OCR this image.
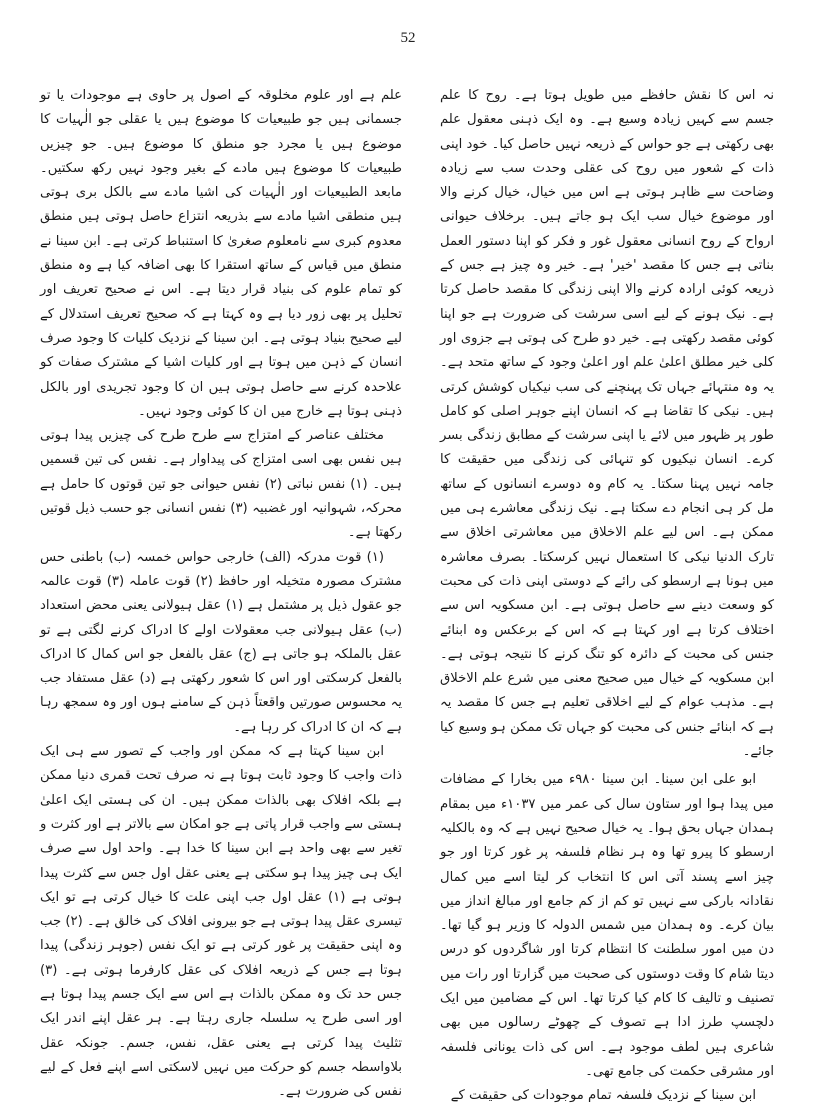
52

نہ اس کا نقش حافظے میں طویل ہوتا ہے۔ روح کا علم جسم سے کہیں زیادہ وسیع ہے۔ وہ ایک ذہنی معقول علم بھی رکھتی ہے جو حواس کے ذریعہ نہیں حاصل کیا۔ خود اپنی ذات کے شعور میں روح کی عقلی وحدت سب سے زیادہ وضاحت سے ظاہر ہوتی ہے اس میں خیال، خیال کرنے والا اور موضوع خیال سب ایک ہو جاتے ہیں۔ برخلاف حیوانی ارواح کے روح انسانی معقول غور و فکر کو اپنا دستور العمل بناتی ہے جس کا مقصد 'خیر' ہے۔ خیر وہ چیز ہے جس کے ذریعہ کوئی ارادہ کرنے والا اپنی زندگی کا مقصد حاصل کرتا ہے۔ نیک ہونے کے لیے اسی سرشت کی ضرورت ہے جو اپنا کوئی مقصد رکھتی ہے۔ خیر دو طرح کی ہوتی ہے جزوی اور کلی خیر مطلق اعلیٰ علم اور اعلیٰ وجود کے ساتھ متحد ہے۔ یہ وہ منتہائے جہاں تک پہنچنے کی سب نیکیاں کوشش کرتی ہیں۔ نیکی کا تقاضا ہے کہ انسان اپنے جوہر اصلی کو کامل طور پر ظہور میں لائے یا اپنی سرشت کے مطابق زندگی بسر کرے۔ انسان نیکیوں کو تنہائی کی زندگی میں حقیقت کا جامہ نہیں پہنا سکتا۔ یہ کام وہ دوسرے انسانوں کے ساتھ مل کر ہی انجام دے سکتا ہے۔ نیک زندگی معاشرے ہی میں ممکن ہے۔ اس لیے علم الاخلاق میں معاشرتی اخلاق سے تارک الدنیا نیکی کا استعمال نہیں کرسکتا۔ بصرف معاشرہ میں ہونا ہے ارسطو کی رائے کے دوستی اپنی ذات کی محبت کو وسعت دینے سے حاصل ہوتی ہے۔ ابن مسکویہ اس سے اختلاف کرتا ہے اور کہتا ہے کہ اس کے برعکس وہ ابنائے جنس کی محبت کے دائرہ کو تنگ کرنے کا نتیجہ ہوتی ہے۔ ابن مسکویہ کے خیال میں صحیح معنی میں شرع علم الاخلاق ہے۔ مذہب عوام کے لیے اخلاقی تعلیم ہے جس کا مقصد یہ ہے کہ ابنائے جنس کی محبت کو جہاں تک ممکن ہو وسیع کیا جائے۔

ابو علی ابن سینا۔ ابن سینا ۹۸۰ء میں بخارا کے مضافات میں پیدا ہوا اور ستاون سال کی عمر میں ۱۰۳۷ء میں بمقام ہمدان جہاں بحق ہوا۔ یہ خیال صحیح نہیں ہے کہ وہ بالکلیہ ارسطو کا پیرو تھا وہ ہر نظام فلسفہ پر غور کرتا اور جو چیز اسے پسند آتی اس کا انتخاب کر لیتا اسے میں کمال نقادانہ بارکی سے نہیں تو کم از کم جامع اور مبالغ انداز میں بیان کرے۔ وہ ہمدان میں شمس الدولہ کا وزیر ہو گیا تھا۔ دن میں امور سلطنت کا انتظام کرتا اور شاگردوں کو درس دیتا شام کا وقت دوستوں کی صحبت میں گزارتا اور رات میں تصنیف و تالیف کا کام کیا کرتا تھا۔ اس کے مضامین میں ایک دلچسپ طرز ادا ہے تصوف کے چھوٹے رسالوں میں بھی شاعری ہیں لطف موجود ہے۔ اس کی ذات یونانی فلسفہ اور مشرقی حکمت کی جامع تھی۔

ابن سینا کے نزدیک فلسفہ تمام موجودات کی حقیقت کے

علم ہے اور علوم مخلوقہ کے اصول پر حاوی ہے موجودات یا تو جسمانی ہیں جو طبیعیات کا موضوع ہیں یا عقلی جو الٰہیات کا موضوع ہیں یا مجرد جو منطق کا موضوع ہیں۔ جو چیزیں طبیعیات کا موضوع ہیں مادے کے بغیر وجود نہیں رکھ سکتیں۔ مابعد الطبیعیات اور الٰہیات کی اشیا مادے سے بالکل بری ہوتی ہیں منطقی اشیا مادے سے بذریعہ انتزاع حاصل ہوتی ہیں منطق معدوم کبری سے نامعلوم صغریٰ کا استنباط کرتی ہے۔ ابن سینا نے منطق میں قیاس کے ساتھ استقرا کا بھی اضافہ کیا ہے وہ منطق کو تمام علوم کی بنیاد قرار دیتا ہے۔ اس نے صحیح تعریف اور تحلیل پر بھی زور دیا ہے وہ کہتا ہے کہ صحیح تعریف استدلال کے لیے صحیح بنیاد ہوتی ہے۔ ابن سینا کے نزدیک کلیات کا وجود صرف انسان کے ذہن میں ہوتا ہے اور کلیات اشیا کے مشترک صفات کو علاحدہ کرنے سے حاصل ہوتی ہیں ان کا وجود تجریدی اور بالکل ذہنی ہوتا ہے خارج میں ان کا کوئی وجود نہیں۔

مختلف عناصر کے امتزاج سے طرح طرح کی چیزیں پیدا ہوتی ہیں نفس بھی اسی امتزاج کی پیداوار ہے۔ نفس کی تین قسمیں ہیں۔ (۱) نفس نباتی (۲) نفس حیوانی جو تین قوتوں کا حامل ہے محرکہ، شہوانیہ اور غضبیہ (۳) نفس انسانی جو حسب ذیل قوتیں رکھتا ہے۔

(۱) قوت مدرکہ (الف) خارجی حواس خمسہ (ب) باطنی حس مشترک مصورہ متخیلہ اور حافظ (۲) قوت عاملہ (۳) قوت عالمہ جو عقول ذیل پر مشتمل ہے (۱) عقل ہیولانی یعنی محض استعداد (ب) عقل ہیولانی جب معقولات اولے کا ادراک کرنے لگتی ہے تو عقل بالملکہ ہو جاتی ہے (ج) عقل بالفعل جو اس کمال کا ادراک بالفعل کرسکتی اور اس کا شعور رکھتی ہے (د) عقل مستفاد جب یہ محسوس صورتیں واقعتاً ذہن کے سامنے ہوں اور وہ سمجھ رہا ہے کہ ان کا ادراک کر رہا ہے۔

ابن سینا کہتا ہے کہ ممکن اور واجب کے تصور سے ہی ایک ذات واجب کا وجود ثابت ہوتا ہے نہ صرف تحت قمری دنیا ممکن ہے بلکہ افلاک بھی بالذات ممکن ہیں۔ ان کی ہستی ایک اعلیٰ ہستی سے واجب قرار پاتی ہے جو امکان سے بالاتر ہے اور کثرت و تغیر سے بھی واحد ہے ابن سینا کا خدا ہے۔ واحد اول سے صرف ایک ہی چیز پیدا ہو سکتی ہے یعنی عقل اول جس سے کثرت پیدا ہوتی ہے (۱) عقل اول جب اپنی علت کا خیال کرتی ہے تو ایک تیسری عقل پیدا ہوتی ہے جو بیرونی افلاک کی خالق ہے۔ (۲) جب وہ اپنی حقیقت پر غور کرتی ہے تو ایک نفس (جوہر زندگی) پیدا ہوتا ہے جس کے ذریعہ افلاک کی عقل کارفرما ہوتی ہے۔ (۳) جس حد تک وہ ممکن بالذات ہے اس سے ایک جسم پیدا ہوتا ہے اور اسی طرح یہ سلسلہ جاری رہتا ہے۔ ہر عقل اپنے اندر ایک تثلیث پیدا کرتی ہے یعنی عقل، نفس، جسم۔ جونکہ عقل بلاواسطہ جسم کو حرکت میں نہیں لاسکتی اسے اپنے فعل کے لیے نفس کی ضرورت ہے۔
